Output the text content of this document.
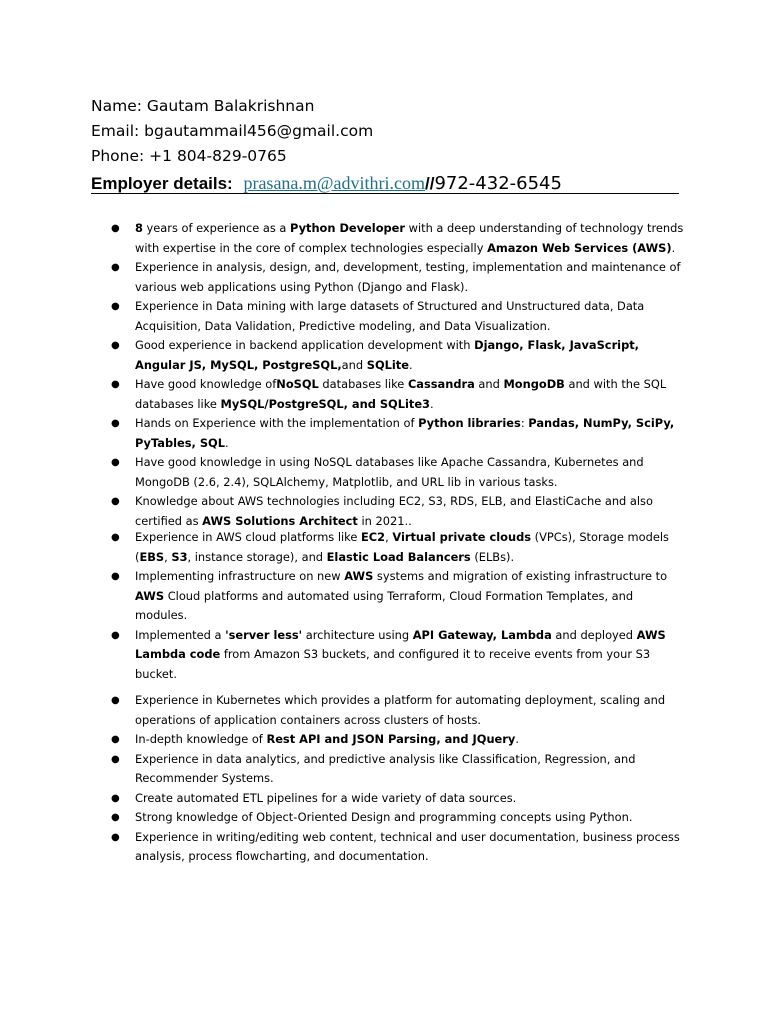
Name: Gautam Balakrishnan
Email: bgautammail456@gmail.com
Phone: +1 804-829-0765
Employer details: prasana.m@advithri.com//972-432-6545
● 8 years of experience as a Python Developer with a deep understanding of technology trends with expertise in the core of complex technologies especially Amazon Web Services (AWS).
● Experience in analysis, design, and, development, testing, implementation and maintenance of various web applications using Python (Django and Flask).
● Experience in Data mining with large datasets of Structured and Unstructured data, Data Acquisition, Data Validation, Predictive modeling, and Data Visualization.
● Good experience in backend application development with Django, Flask, JavaScript, Angular JS, MySQL, PostgreSQL,and SQLite.
● Have good knowledge ofNoSQL databases like Cassandra and MongoDB and with the SQL databases like MySQL/PostgreSQL, and SQLite3.
● Hands on Experience with the implementation of Python libraries: Pandas, NumPy, SciPy, PyTables, SQL.
● Have good knowledge in using NoSQL databases like Apache Cassandra, Kubernetes and MongoDB (2.6, 2.4), SQLAlchemy, Matplotlib, and URL lib in various tasks.
● Knowledge about AWS technologies including EC2, S3, RDS, ELB, and ElastiCache and also certified as AWS Solutions Architect in 2021..
● Experience in AWS cloud platforms like EC2, Virtual private clouds (VPCs), Storage models (EBS, S3, instance storage), and Elastic Load Balancers (ELBs).
● Implementing infrastructure on new AWS systems and migration of existing infrastructure to AWS Cloud platforms and automated using Terraform, Cloud Formation Templates, and modules.
● Implemented a 'server less' architecture using API Gateway, Lambda and deployed AWS Lambda code from Amazon S3 buckets, and configured it to receive events from your S3 bucket.
● Experience in Kubernetes which provides a platform for automating deployment, scaling and operations of application containers across clusters of hosts.
● In-depth knowledge of Rest API and JSON Parsing, and JQuery.
● Experience in data analytics, and predictive analysis like Classification, Regression, and Recommender Systems.
● Create automated ETL pipelines for a wide variety of data sources.
● Strong knowledge of Object-Oriented Design and programming concepts using Python.
● Experience in writing/editing web content, technical and user documentation, business process analysis, process flowcharting, and documentation.
